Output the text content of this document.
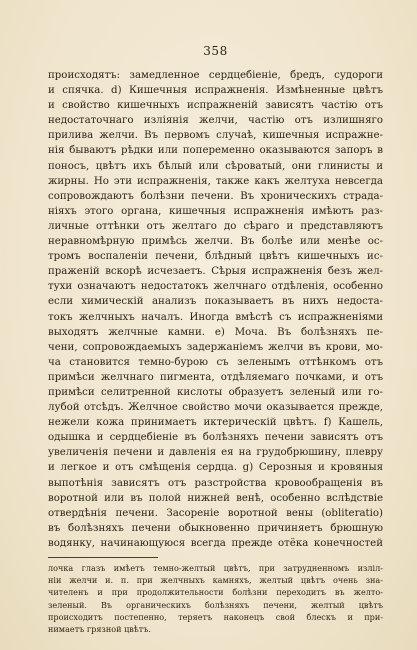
358
происходятъ: замедленное сердцебіеніе, бредъ, судороги
и спячка. d) Кишечныя испражненія. Измѣненные цвѣтъ
и свойство кишечныхъ испражненій зависятъ частію отъ
недостаточнаго изліянія желчи, частію отъ излишняго
прилива желчи. Въ первомъ случаѣ, кишечныя испражне-
нія бываютъ рѣдки или попеременно оказываются запоръ в
поносъ, цвѣтъ ихъ бѣлый или сѣроватый, они глинисты и
жирны. Но эти испражненія, также какъ желтуха невсегда
сопровождаютъ болѣзни печени. Въ хроническихъ страда-
ніяхъ этого органа, кишечныя испражненія имѣютъ раз-
личные оттѣнки отъ желтаго до сѣраго и представляютъ
неравномѣрную примѣсь желчи. Въ болѣе или менѣе ос-
тромъ воспаленіи печени, блѣдный цвѣтъ кишечныхъ ис-
праженій вскорѣ исчезаетъ. Сѣрыя испражненія безъ жел-
тухи означаютъ недостатокъ желчнаго отдѣленія, особенно
если химическій анализъ показываетъ въ нихъ недоста-
токъ желчныхъ началъ. Иногда вмѣстѣ съ испражненіями
выходятъ желчные камни. e) Моча. Въ болѣзняхъ пе-
чени, сопровождаемыхъ задержаніемъ желчи въ крови, мо-
ча становится темно-бурою съ зеленымъ оттѣнкомъ отъ
примѣси желчнаго пигмента, отдѣляемаго почками, и отъ
примѣси селитренной кислоты образуетъ зеленый или го-
лубой отсѣдъ. Желчное свойство мочи оказывается прежде,
нежели кожа принимаетъ иктерическій цвѣтъ. f) Кашель,
одышка и сердцебіеніе въ болѣзняхъ печени зависятъ отъ
увеличенія печени и давленія ея на грудобрюшину, плевру
и легкое и отъ смѣщенія сердца. g) Серозныя и кровяныя
выпотѣнія зависятъ отъ разстройства кровообращенія въ
воротной или въ полой нижней венѣ, особенно вслѣдствіе
отвердѣнія печени. Засореніе воротной вены (obliteratio)
въ болѣзняхъ печени обыкновенно причиняетъ брюшную
водянку, начинающуюся всегда прежде отёка конечностей
лочка глазъ имѣетъ темно-желтый цвѣтъ, при затрудненномъ изліл-
ніи желчи и. п. при желчныхъ камняхъ, желтый цвѣтъ очень зна-
чителенъ и при продолжительности болѣзни переходитъ въ желто-
зеленый. Въ органическихъ болѣзняхъ печени, желтый цвѣтъ
происходитъ постепенно, теряетъ наконецъ свой блескъ и при-
нимаетъ грязной цвѣтъ.
